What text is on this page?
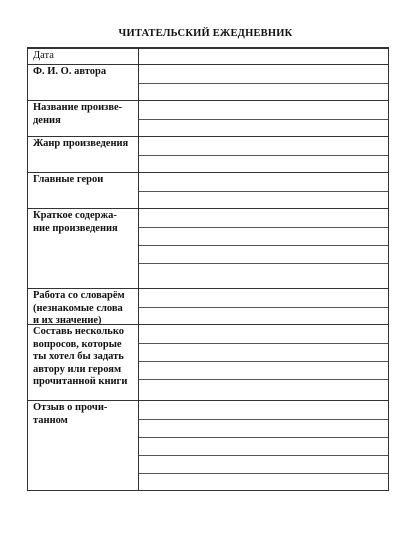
ЧИТАТЕЛЬСКИЙ ЕЖЕДНЕВНИК
Дата
Ф. И. О. автора
Название произве-
дения
Жанр произведения
Главные герои
Краткое содержа-
ние произведения
Работа со словарём
(незнакомые слова
и их значение)
Составь несколько
вопросов, которые
ты хотел бы задать
автору или героям
прочитанной книги
Отзыв о прочи-
танном
